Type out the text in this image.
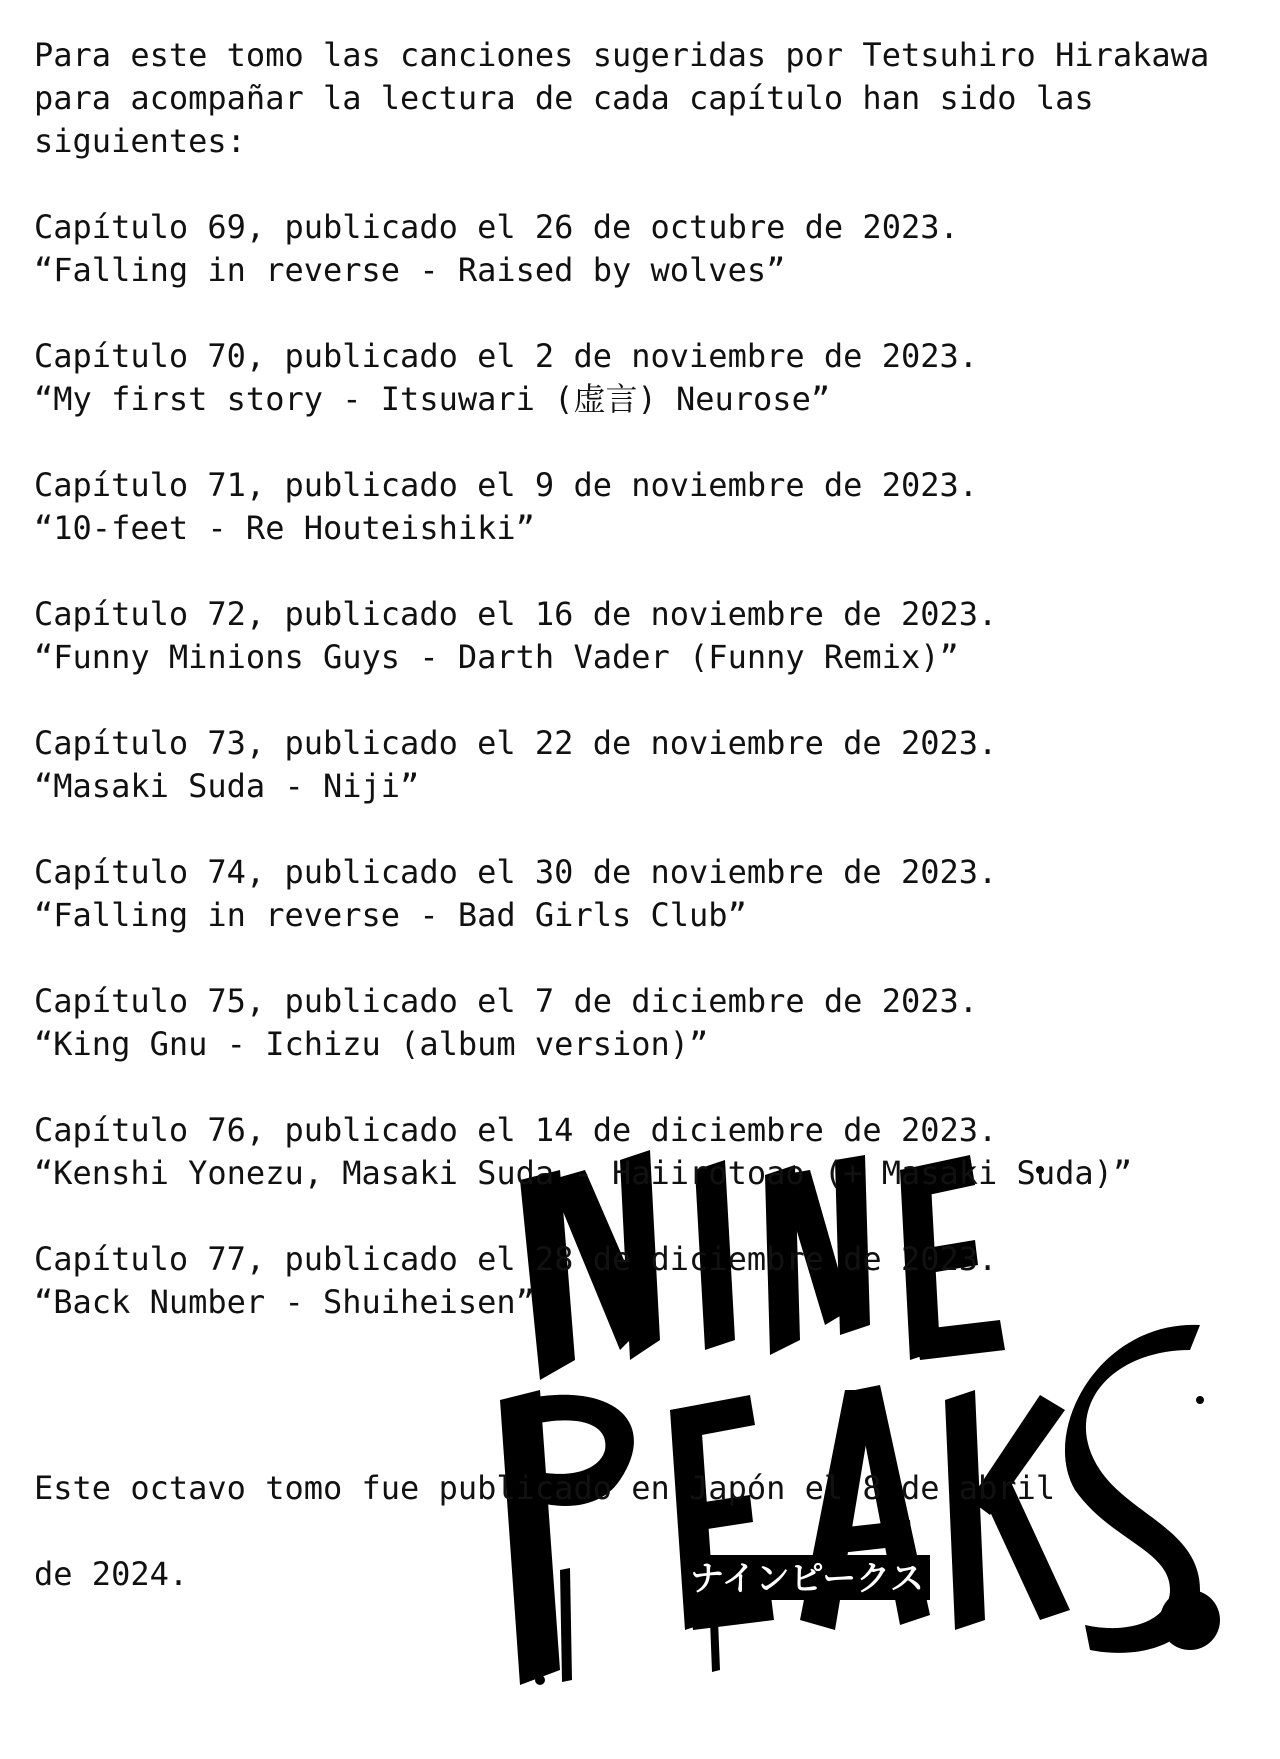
ナインピークス

Para este tomo las canciones sugeridas por Tetsuhiro Hirakawa para acompañar la lectura de cada capítulo han sido las siguientes:

Capítulo 69, publicado el 26 de octubre de 2023.
“Falling in reverse - Raised by wolves”
Capítulo 70, publicado el 2 de noviembre de 2023.
“My first story - Itsuwari (虚言) Neurose”
Capítulo 71, publicado el 9 de noviembre de 2023.
“10-feet - Re Houteishiki”
Capítulo 72, publicado el 16 de noviembre de 2023.
“Funny Minions Guys - Darth Vader (Funny Remix)”
Capítulo 73, publicado el 22 de noviembre de 2023.
“Masaki Suda - Niji”
Capítulo 74, publicado el 30 de noviembre de 2023.
“Falling in reverse - Bad Girls Club”
Capítulo 75, publicado el 7 de diciembre de 2023.
“King Gnu - Ichizu (album version)”
Capítulo 76, publicado el 14 de diciembre de 2023.
“Kenshi Yonezu, Masaki Suda - Haiirotoao (+ Masaki Suda)”
Capítulo 77, publicado el 28 de diciembre de 2023.
“Back Number - Shuiheisen”

Este octavo tomo fue publicado en Japón el 8 de abril

de 2024.
